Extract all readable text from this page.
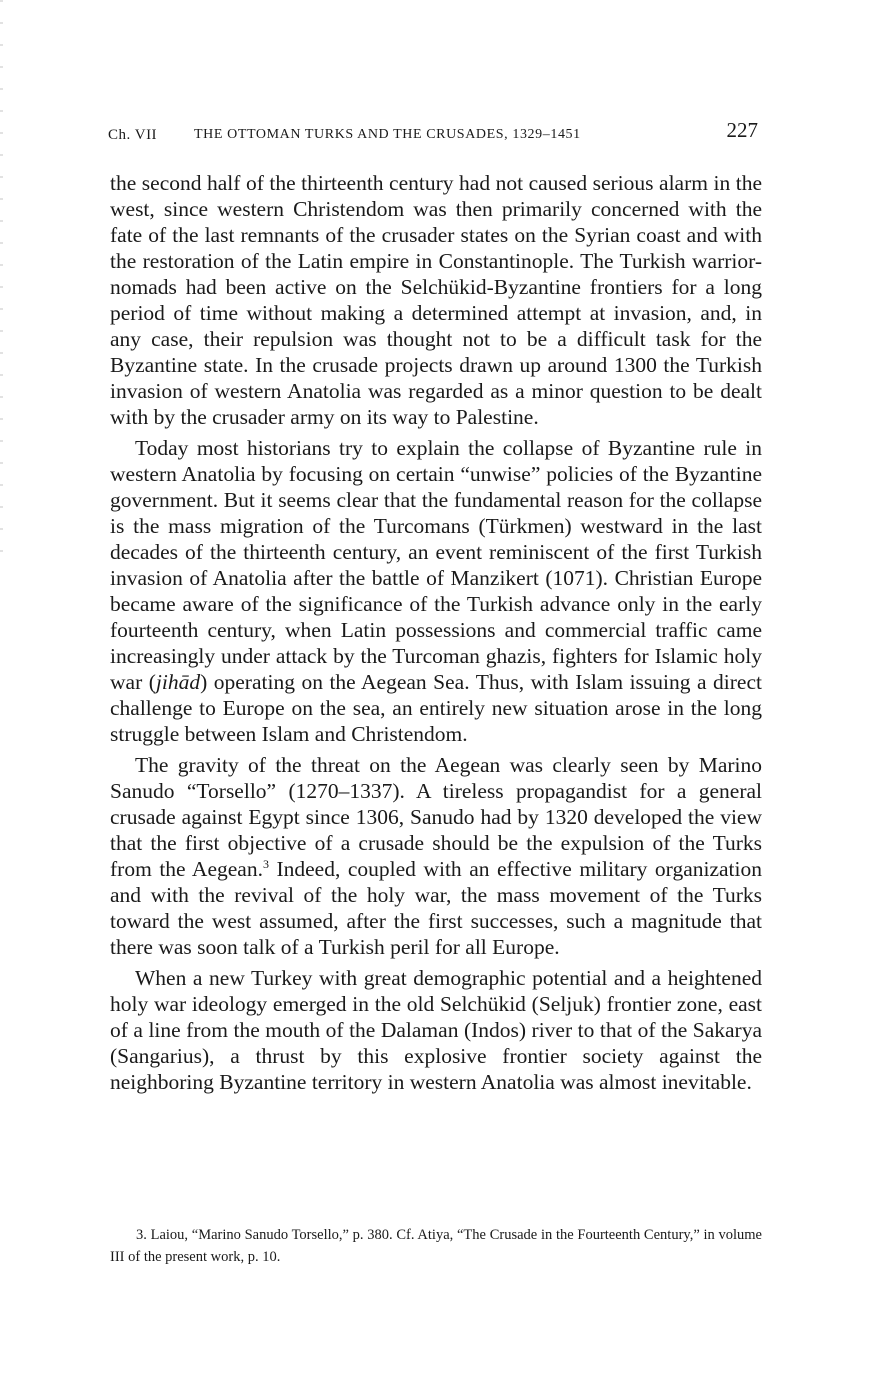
Ch. VII	THE OTTOMAN TURKS AND THE CRUSADES, 1329–1451	227

the second half of the thirteenth century had not caused serious alarm in the west, since western Christendom was then primarily concerned with the fate of the last remnants of the crusader states on the Syrian coast and with the restoration of the Latin empire in Constantinople. The Turkish warrior-nomads had been active on the Selchükid-Byzantine frontiers for a long period of time without making a determined attempt at invasion, and, in any case, their repulsion was thought not to be a difficult task for the Byzantine state. In the crusade projects drawn up around 1300 the Turkish invasion of western Anatolia was regarded as a minor question to be dealt with by the crusader army on its way to Palestine.

Today most historians try to explain the collapse of Byzantine rule in western Anatolia by focusing on certain “unwise” policies of the Byzantine government. But it seems clear that the fundamental reason for the collapse is the mass migration of the Turcomans (Türkmen) westward in the last decades of the thirteenth century, an event reminiscent of the first Turkish invasion of Anatolia after the battle of Manzikert (1071). Christian Europe became aware of the significance of the Turkish advance only in the early fourteenth century, when Latin possessions and commercial traffic came increasingly under attack by the Turcoman ghazis, fighters for Islamic holy war (jihād) operating on the Aegean Sea. Thus, with Islam issuing a direct challenge to Europe on the sea, an entirely new situation arose in the long struggle between Islam and Christendom.

The gravity of the threat on the Aegean was clearly seen by Marino Sanudo “Torsello” (1270–1337). A tireless propagandist for a general crusade against Egypt since 1306, Sanudo had by 1320 developed the view that the first objective of a crusade should be the expulsion of the Turks from the Aegean.$^3$ Indeed, coupled with an effective military organization and with the revival of the holy war, the mass movement of the Turks toward the west assumed, after the first successes, such a magnitude that there was soon talk of a Turkish peril for all Europe.

When a new Turkey with great demographic potential and a heightened holy war ideology emerged in the old Selchükid (Seljuk) frontier zone, east of a line from the mouth of the Dalaman (Indos) river to that of the Sakarya (Sangarius), a thrust by this explosive frontier society against the neighboring Byzantine territory in western Anatolia was almost inevitable.

3. Laiou, “Marino Sanudo Torsello,” p. 380. Cf. Atiya, “The Crusade in the Fourteenth Century,” in volume III of the present work, p. 10.
